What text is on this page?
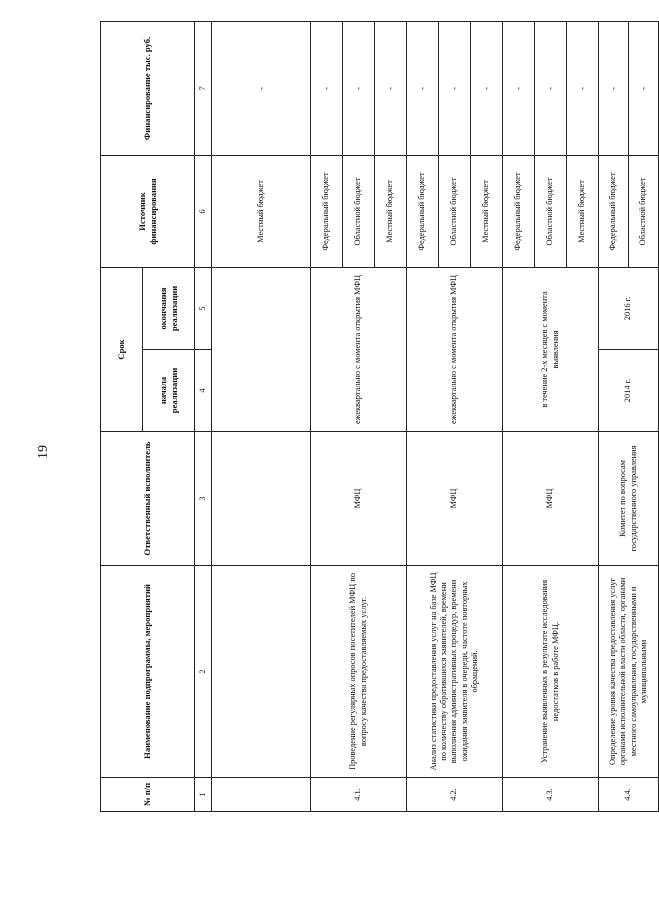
19
№ п/п	Наименование подпрограммы, мероприятий	Ответственный исполнитель	Срок		Источник финансирования	Финансирование тыс. руб.
			начала реализации	окончания реализации		
1	2	3	4	5	6	7
					Местный бюджет	-
4.1.	Проведение регулярных опросов посетителей МФЦ по вопросу качества предоставляемых услуг.	МФЦ	ежеквартально с момента открытия МФЦ		Федеральный бюджет	-
					Областной бюджет	-
					Местный бюджет	-
4.2.	Анализ статистики предоставления услуг на базе МФЦ по количеству обратившихся заявителей, времени выполнения административных процедур, времени ожидания заявителя в очереди, частоте повторных обращений.	МФЦ	ежеквартально с момента открытия МФЦ		Федеральный бюджет	-
					Областной бюджет	-
					Местный бюджет	-
4.3.	Устранение выявленных в результате исследования недостатков в работе МФЦ.	МФЦ	в течение 2-х месяцев с момента выявления		Федеральный бюджет	-
					Областной бюджет	-
					Местный бюджет	-
4.4.	Определение уровня качества предоставления услуг органами исполнительной власти области, органами местного самоуправления, государственными и муниципальными	Комитет по вопросам государственного управления	2014 г.	2016 г.	Федеральный бюджет	-
					Областной бюджет	-
